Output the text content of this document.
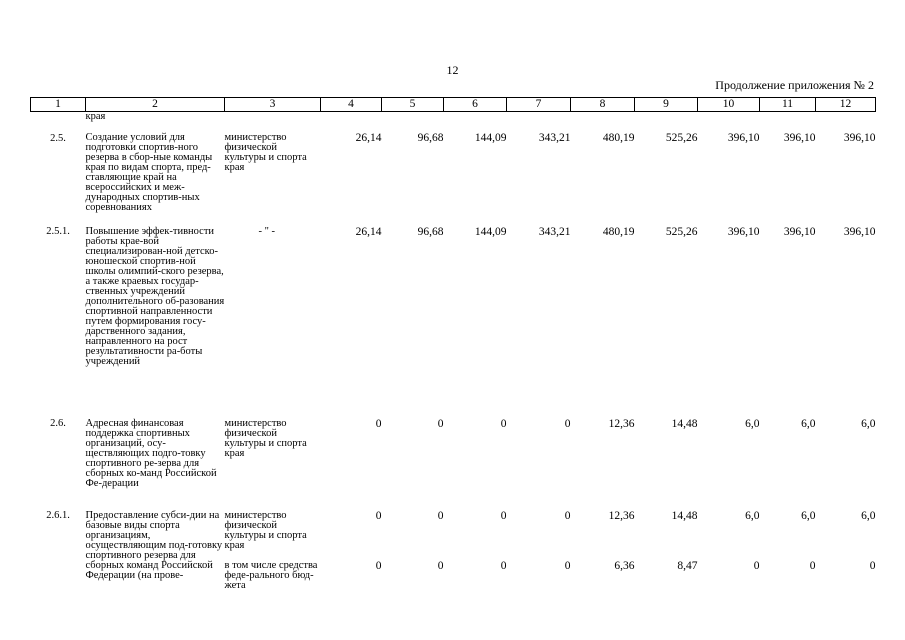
12
Продолжение приложения № 2
1	2	3	4	5	6	7	8	9	10	11	12
	края										
2.5.	Создание условий для подготовки спортив-ного резерва в сбор-ные команды края по видам спорта, пред-ставляющие край на всероссийских и меж-дународных спортив-ных соревнованиях	министерство физической культуры и спорта края	26,14	96,68	144,09	343,21	480,19	525,26	396,10	396,10	396,10
2.5.1.	Повышение эффек-тивности работы крае-вой специализирован-ной детско-юношеской спортив-ной школы олимпий-ского резерва, а также краевых государ-ственных учреждений дополнительного об-разования спортивной направленности путем формирования госу-дарственного задания, направленного на рост результативности ра-боты учреждений	- " -	26,14	96,68	144,09	343,21	480,19	525,26	396,10	396,10	396,10
2.6.	Адресная финансовая поддержка спортивных организаций, осу-ществляющих подго-товку спортивного ре-зерва для сборных ко-манд Российской Фе-дерации	министерство физической культуры и спорта края	0	0	0	0	12,36	14,48	6,0	6,0	6,0
2.6.1.	Предоставление субси-дии на базовые виды спорта организациям, осуществляющим под-готовку спортивного резерва для сборных команд Российской Федерации (на прове-	министерство физической культуры и спорта края	0	0	0	0	12,36	14,48	6,0	6,0	6,0
		в том числе средства феде-рального бюд-жета	0	0	0	0	6,36	8,47	0	0	0
